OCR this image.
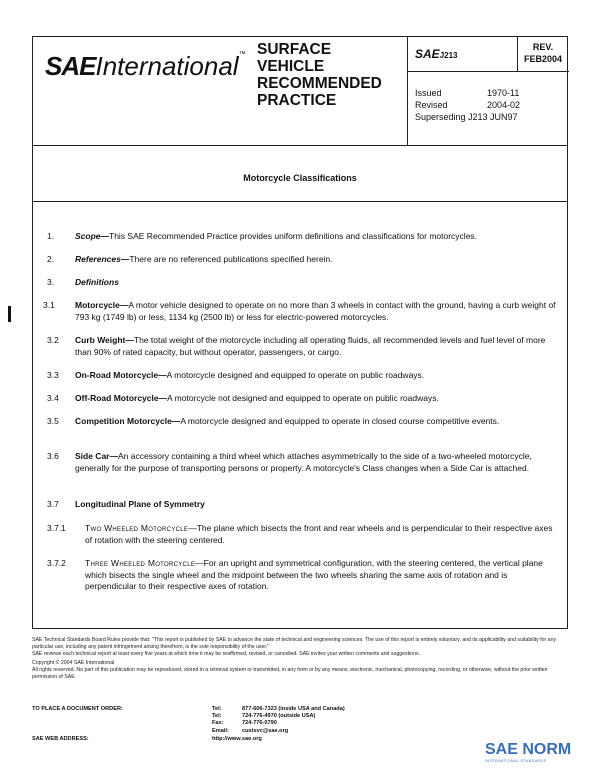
SAEInternational™ SURFACE
VEHICLE
RECOMMENDED
PRACTICE
SAEJ213
REV.
FEB2004
Issued	1970-11
Revised	2004-02
Superseding J213 JUN97	
Motorcycle Classifications
1. Scope—This SAE Recommended Practice provides uniform definitions and classifications for motorcycles.
2. References—There are no referenced publications specified herein.
3. Definitions
3.1 Motorcycle—A motor vehicle designed to operate on no more than 3 wheels in contact with the ground, having a curb weight of 793 kg (1749 lb) or less, 1134 kg (2500 lb) or less for electric-powered motorcycles.
3.2 Curb Weight—The total weight of the motorcycle including all operating fluids, all recommended levels and fuel level of more than 90% of rated capacity, but without operator, passengers, or cargo.
3.3 On-Road Motorcycle—A motorcycle designed and equipped to operate on public roadways.
3.4 Off-Road Motorcycle—A motorcycle not designed and equipped to operate on public roadways.
3.5 Competition Motorcycle—A motorcycle designed and equipped to operate in closed course competitive events.
3.6 Side Car—An accessory containing a third wheel which attaches asymmetrically to the side of a two-wheeled motorcycle, generally for the purpose of transporting persons or property. A motorcycle's Class changes when a Side Car is attached.
3.7 Longitudinal Plane of Symmetry
3.7.1 Two Wheeled Motorcycle—The plane which bisects the front and rear wheels and is perpendicular to their respective axes of rotation with the steering centered.
3.7.2 Three Wheeled Motorcycle—For an upright and symmetrical configuration, with the steering centered, the vertical plane which bisects the single wheel and the midpoint between the two wheels sharing the same axis of rotation and is perpendicular to their respective axes of rotation.
SAE Technical Standards Board Rules provide that: "This report is published by SAE to advance the state of technical and engineering sciences. The use of this report is entirely voluntary, and its applicability and suitability for any particular use, including any patent infringement arising therefrom, is the sole responsibility of the user."
SAE reviews each technical report at least every five years at which time it may be reaffirmed, revised, or cancelled. SAE invites your written comments and suggestions.
Copyright © 2004 SAE International
All rights reserved. No part of this publication may be reproduced, stored in a retrieval system or transmitted, in any form or by any means, electronic, mechanical, photocopying, recording, or otherwise, without the prior written permission of SAE.
TO PLACE A DOCUMENT ORDER:	Tel:	877-606-7323 (inside USA and Canada)
Tel:	724-776-4970 (outside USA)
Fax:	724-776-0790
Email: custsvc@sae.org
SAE WEB ADDRESS:	http://www.sae.org
SAE NORM
INTERNATIONAL STANDARDS
